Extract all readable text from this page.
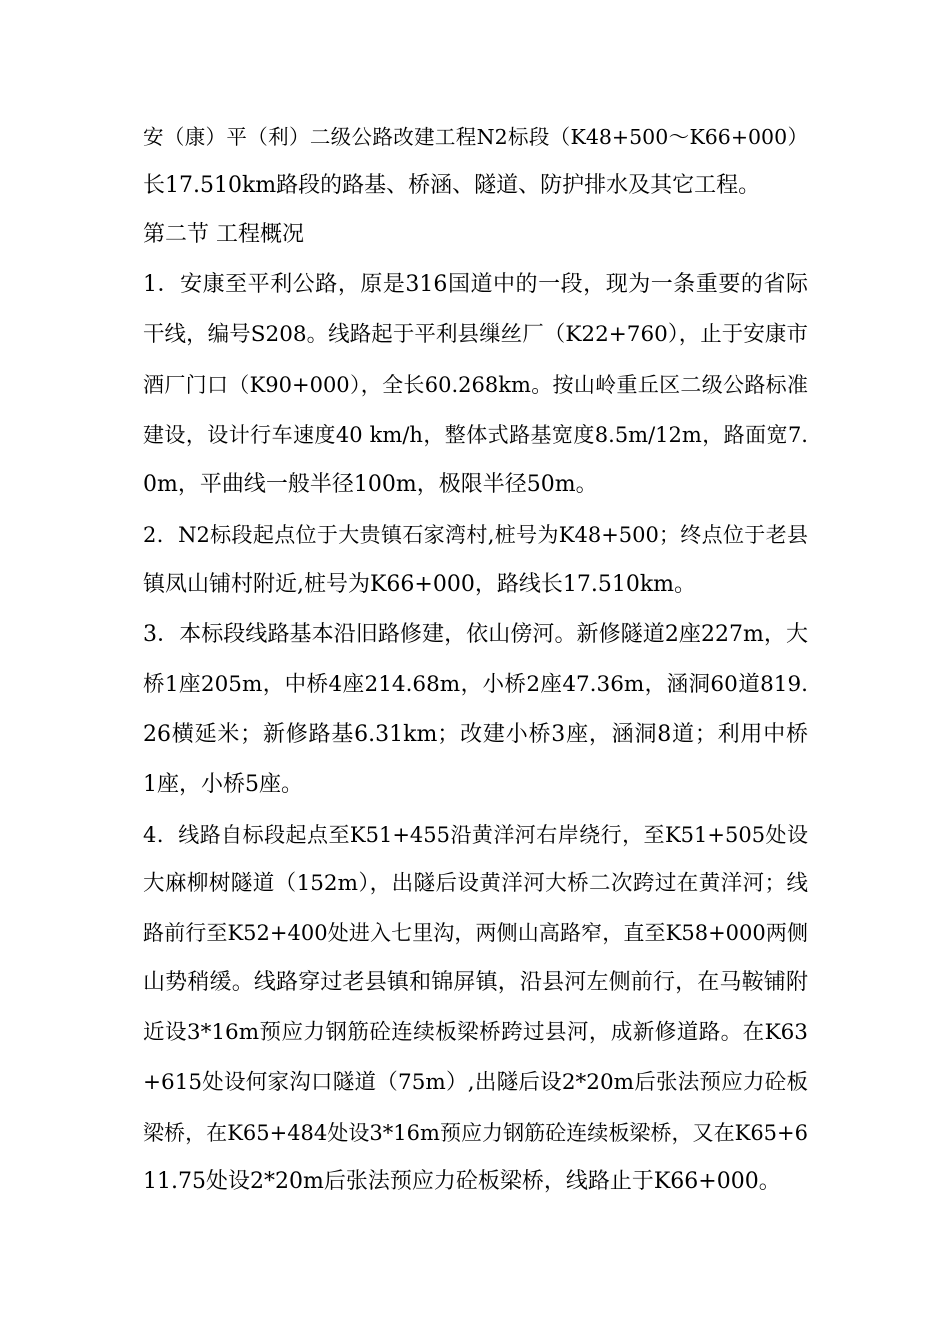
安（康）平（利）二级公路改建工程N2标段（K48+500～K66+000）
长17.510km路段的路基、桥涵、隧道、防护排水及其它工程。
第二节 工程概况
1．安康至平利公路，原是316国道中的一段，现为一条重要的省际
干线，编号S208。线路起于平利县缫丝厂（K22+760），止于安康市
酒厂门口（K90+000），全长60.268km。按山岭重丘区二级公路标准
建设，设计行车速度40 km/h，整体式路基宽度8.5m/12m，路面宽7.
0m，平曲线一般半径100m，极限半径50m。
2．N2标段起点位于大贵镇石家湾村,桩号为K48+500；终点位于老县
镇凤山铺村附近,桩号为K66+000，路线长17.510km。
3．本标段线路基本沿旧路修建，依山傍河。新修隧道2座227m，大
桥1座205m，中桥4座214.68m，小桥2座47.36m，涵洞60道819.
26横延米；新修路基6.31km；改建小桥3座，涵洞8道；利用中桥
1座，小桥5座。
4．线路自标段起点至K51+455沿黄洋河右岸绕行，至K51+505处设
大麻柳树隧道（152m），出隧后设黄洋河大桥二次跨过在黄洋河；线
路前行至K52+400处进入七里沟，两侧山高路窄，直至K58+000两侧
山势稍缓。线路穿过老县镇和锦屏镇，沿县河左侧前行，在马鞍铺附
近设3*16m预应力钢筋砼连续板梁桥跨过县河，成新修道路。在K63
+615处设何家沟口隧道（75m）,出隧后设2*20m后张法预应力砼板
梁桥，在K65+484处设3*16m预应力钢筋砼连续板梁桥，又在K65+6
11.75处设2*20m后张法预应力砼板梁桥，线路止于K66+000。
